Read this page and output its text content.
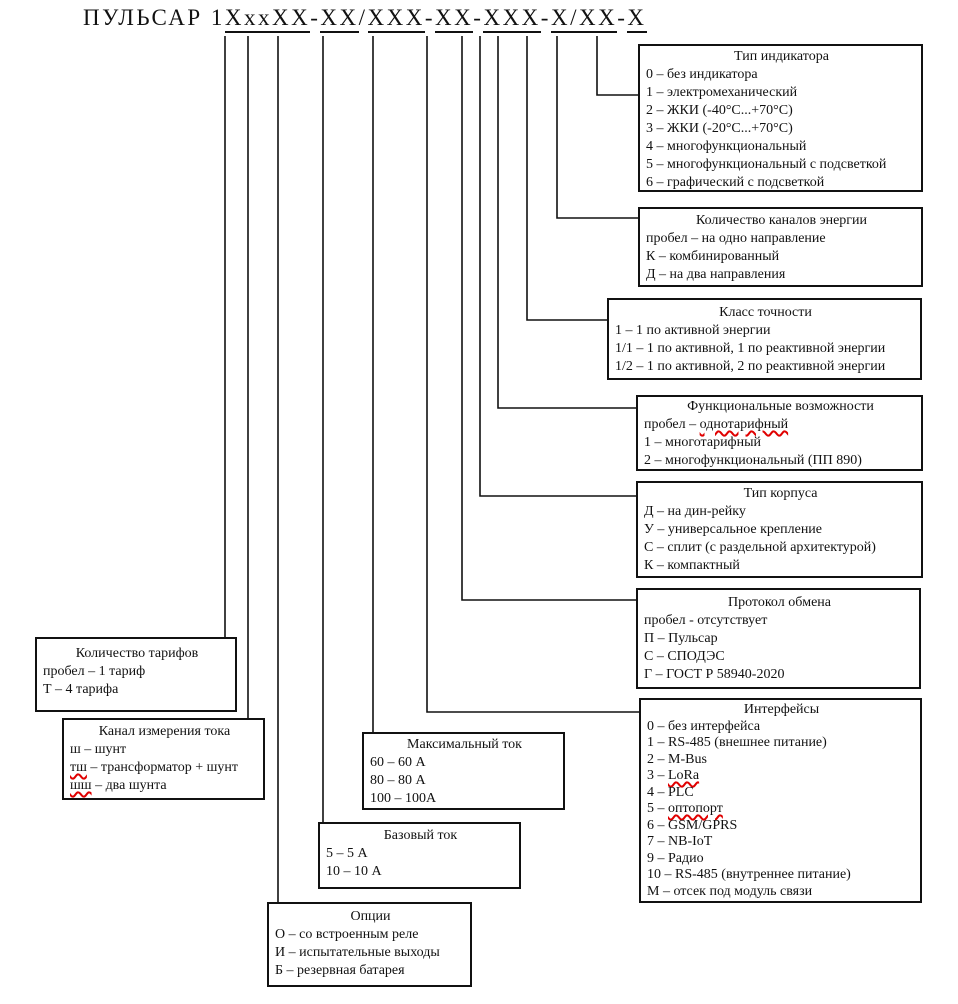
ПУЛЬСАР 1XxxXX-XX/XXX-XX-XXX-X/XX-X
Тип индикатора
0 – без индикатора
1 – электромеханический
2 – ЖКИ (-40°С...+70°С)
3 – ЖКИ (-20°С...+70°С)
4 – многофункциональный
5 – многофункциональный с подсветкой
6 – графический с подсветкой
Количество каналов энергии
пробел – на одно направление
К – комбинированный
Д – на два направления
Класс точности
1 – 1 по активной энергии
1/1 – 1 по активной, 1 по реактивной энергии
1/2 – 1 по активной, 2 по реактивной энергии
Функциональные возможности
пробел – однотарифный
1 – многотарифный
2 – многофункциональный (ПП 890)
Тип корпуса
Д – на дин-рейку
У – универсальное крепление
С – сплит (с раздельной архитектурой)
К – компактный
Протокол обмена
пробел - отсутствует
П – Пульсар
С – СПОДЭС
Г – ГОСТ Р 58940-2020
Интерфейсы
0 – без интерфейса
1 – RS-485 (внешнее питание)
2 – M-Bus
3 – LoRa
4 – PLC
5 – оптопорт
6 – GSM/GPRS
7 – NB-IoT
9 – Радио
10 – RS-485 (внутреннее питание)
М – отсек под модуль связи
Количество тарифов
пробел – 1 тариф
Т – 4 тарифа
Канал измерения тока
ш – шунт
тш – трансформатор + шунт
шш – два шунта
Максимальный ток
60 – 60 А
80 – 80 А
100 – 100А
Базовый ток
5 – 5 А
10 – 10 А
Опции
О – со встроенным реле
И – испытательные выходы
Б – резервная батарея
